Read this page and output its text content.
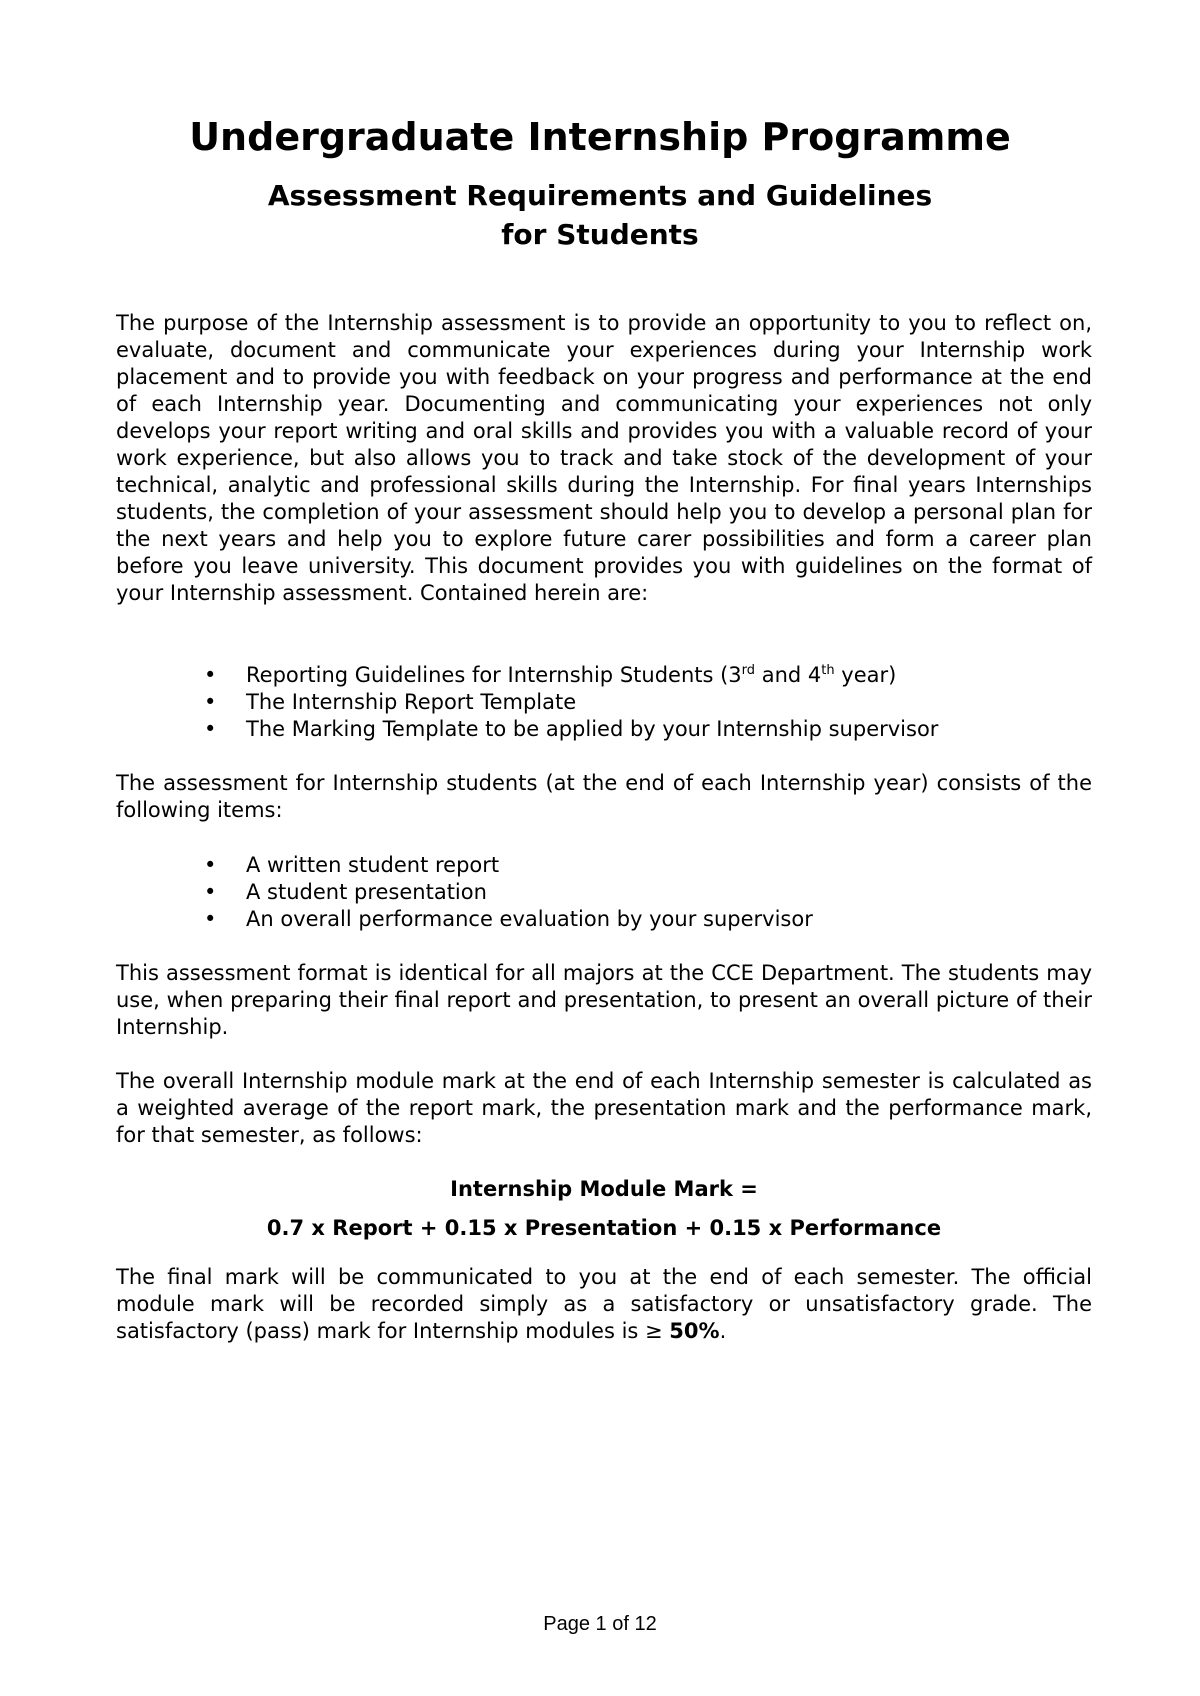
Undergraduate Internship Programme
Assessment Requirements and Guidelines
for Students

The purpose of the Internship assessment is to provide an opportunity to you to reflect on, evaluate, document and communicate your experiences during your Internship work placement and to provide you with feedback on your progress and performance at the end of each Internship year. Documenting and communicating your experiences not only develops your report writing and oral skills and provides you with a valuable record of your work experience, but also allows you to track and take stock of the development of your technical, analytic and professional skills during the Internship. For final years Internships students, the completion of your assessment should help you to develop a personal plan for the next years and help you to explore future carer possibilities and form a career plan before you leave university. This document provides you with guidelines on the format of your Internship assessment. Contained herein are:

• Reporting Guidelines for Internship Students (3rd and 4th year)
• The Internship Report Template
• The Marking Template to be applied by your Internship supervisor

The assessment for Internship students (at the end of each Internship year) consists of the following items:

• A written student report
• A student presentation
• An overall performance evaluation by your supervisor

This assessment format is identical for all majors at the CCE Department. The students may use, when preparing their final report and presentation, to present an overall picture of their Internship.

The overall Internship module mark at the end of each Internship semester is calculated as a weighted average of the report mark, the presentation mark and the performance mark, for that semester, as follows:

Internship Module Mark =
0.7 x Report + 0.15 x Presentation + 0.15 x Performance

The final mark will be communicated to you at the end of each semester. The official module mark will be recorded simply as a satisfactory or unsatisfactory grade. The satisfactory (pass) mark for Internship modules is ≥ 50%.

Page 1 of 12
